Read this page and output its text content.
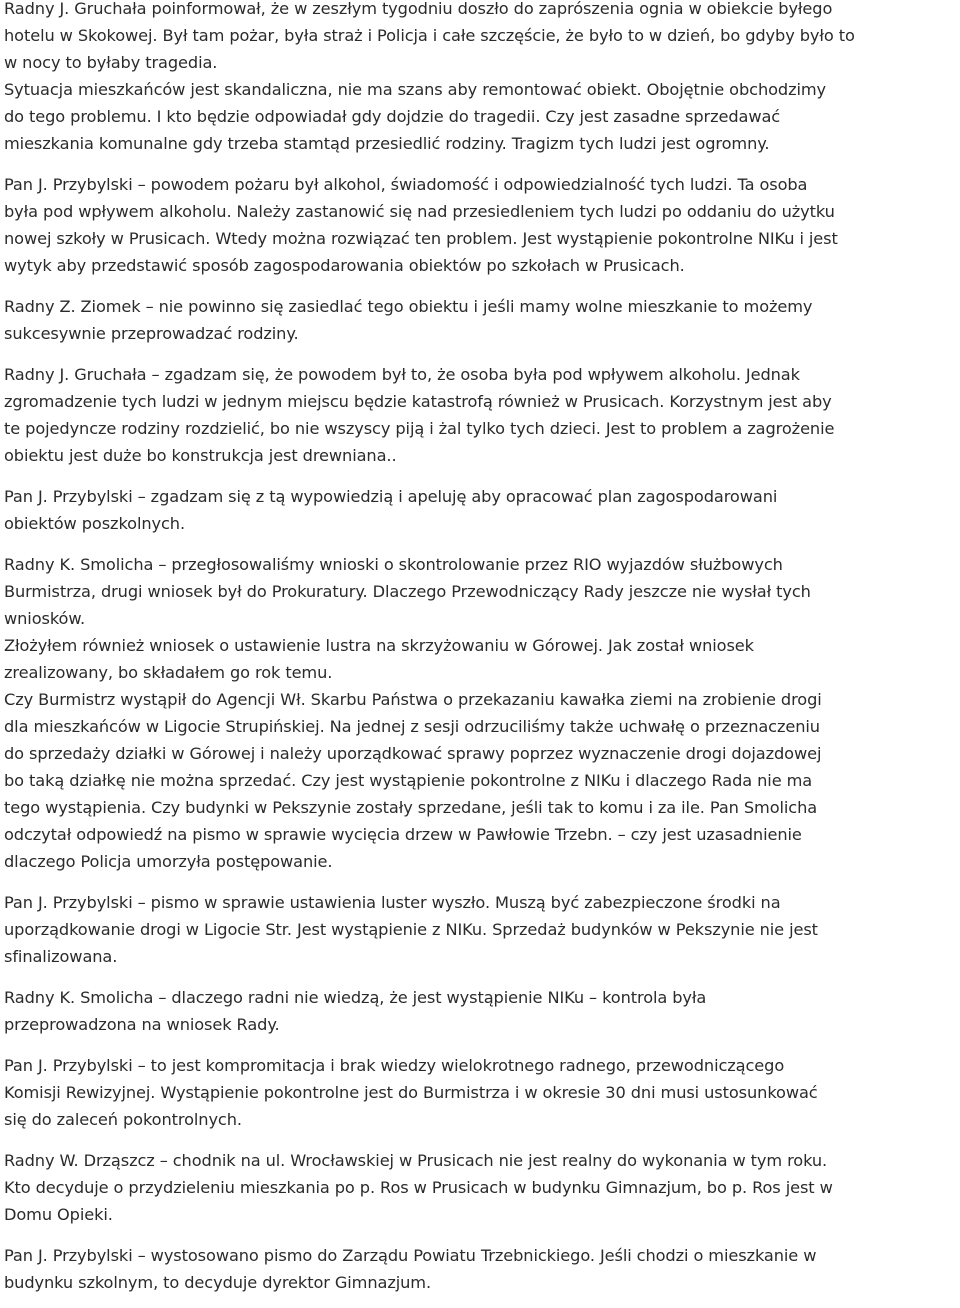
Radny J. Gruchała poinformował, że w zeszłym tygodniu doszło do zaprószenia ognia w obiekcie byłego
hotelu w Skokowej. Był tam pożar, była straż i Policja i całe szczęście, że było to w dzień, bo gdyby było to
w nocy to byłaby tragedia.
Sytuacja mieszkańców jest skandaliczna, nie ma szans aby remontować obiekt. Obojętnie obchodzimy
do tego problemu. I kto będzie odpowiadał gdy dojdzie do tragedii. Czy jest zasadne sprzedawać
mieszkania komunalne gdy trzeba stamtąd przesiedlić rodziny. Tragizm tych ludzi jest ogromny.

Pan J. Przybylski – powodem pożaru był alkohol, świadomość i odpowiedzialność tych ludzi. Ta osoba
była pod wpływem alkoholu. Należy zastanowić się nad przesiedleniem tych ludzi po oddaniu do użytku
nowej szkoły w Prusicach. Wtedy można rozwiązać ten problem. Jest wystąpienie pokontrolne NIKu i jest
wytyk aby przedstawić sposób zagospodarowania obiektów po szkołach w Prusicach.

Radny Z. Ziomek – nie powinno się zasiedlać tego obiektu i jeśli mamy wolne mieszkanie to możemy
sukcesywnie przeprowadzać rodziny.

Radny J. Gruchała – zgadzam się, że powodem był to, że osoba była pod wpływem alkoholu. Jednak
zgromadzenie tych ludzi w jednym miejscu będzie katastrofą również w Prusicach. Korzystnym jest aby
te pojedyncze rodziny rozdzielić, bo nie wszyscy piją i żal tylko tych dzieci. Jest to problem a zagrożenie
obiektu jest duże bo konstrukcja jest drewniana..

Pan J. Przybylski – zgadzam się z tą wypowiedzią i apeluję aby opracować plan zagospodarowani
obiektów poszkolnych.

Radny K. Smolicha – przegłosowaliśmy wnioski o skontrolowanie przez RIO wyjazdów służbowych
Burmistrza, drugi wniosek był do Prokuratury. Dlaczego Przewodniczący Rady jeszcze nie wysłał tych
wniosków.
Złożyłem również wniosek o ustawienie lustra na skrzyżowaniu w Górowej. Jak został wniosek
zrealizowany, bo składałem go rok temu.
Czy Burmistrz wystąpił do Agencji Wł. Skarbu Państwa o przekazaniu kawałka ziemi na zrobienie drogi
dla mieszkańców w Ligocie Strupińskiej. Na jednej z sesji odrzuciliśmy także uchwałę o przeznaczeniu
do sprzedaży działki w Górowej i należy uporządkować sprawy poprzez wyznaczenie drogi dojazdowej
bo taką działkę nie można sprzedać. Czy jest wystąpienie pokontrolne z NIKu i dlaczego Rada nie ma
tego wystąpienia. Czy budynki w Pekszynie zostały sprzedane, jeśli tak to komu i za ile. Pan Smolicha
odczytał odpowiedź na pismo w sprawie wycięcia drzew w Pawłowie Trzebn. – czy jest uzasadnienie
dlaczego Policja umorzyła postępowanie.

Pan J. Przybylski – pismo w sprawie ustawienia luster wyszło. Muszą być zabezpieczone środki na
uporządkowanie drogi w Ligocie Str. Jest wystąpienie z NIKu. Sprzedaż budynków w Pekszynie nie jest
sfinalizowana.

Radny K. Smolicha – dlaczego radni nie wiedzą, że jest wystąpienie NIKu – kontrola była
przeprowadzona na wniosek Rady.

Pan J. Przybylski – to jest kompromitacja i brak wiedzy wielokrotnego radnego, przewodniczącego
Komisji Rewizyjnej. Wystąpienie pokontrolne jest do Burmistrza i w okresie 30 dni musi ustosunkować
się do zaleceń pokontrolnych.

Radny W. Drząszcz – chodnik na ul. Wrocławskiej w Prusicach nie jest realny do wykonania w tym roku.
Kto decyduje o przydzieleniu mieszkania po p. Ros w Prusicach w budynku Gimnazjum, bo p. Ros jest w
Domu Opieki.

Pan J. Przybylski – wystosowano pismo do Zarządu Powiatu Trzebnickiego. Jeśli chodzi o mieszkanie w
budynku szkolnym, to decyduje dyrektor Gimnazjum.
